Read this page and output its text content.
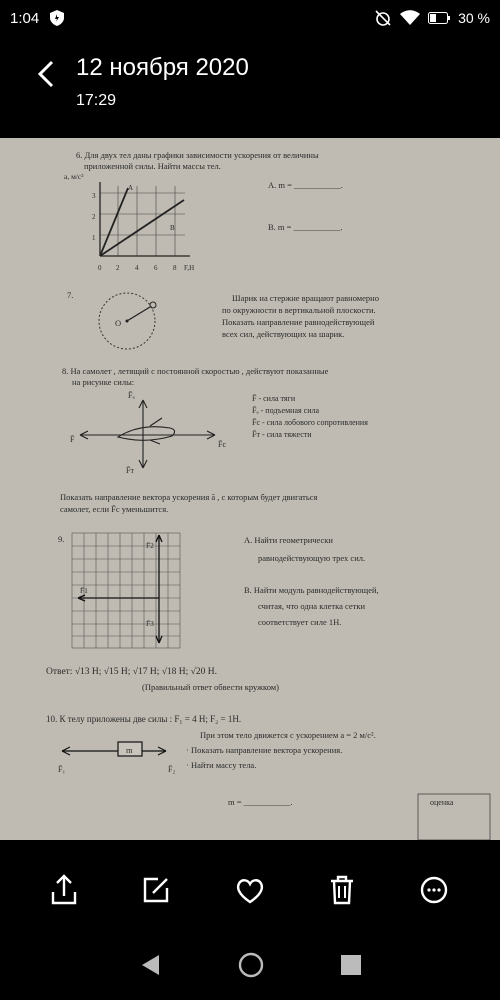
1:04	30 %
12 ноября 2020
17:29
6. Для двух тел даны графики зависимости ускорения от величины
приложенной силы. Найти массы тел.
a, м/с²
A
B
1
2
3
0 2 4 6 8 F,H
А. m = ___________.
В. m = ___________.
7.
O
Шарик на стержне вращают равномерно
по окружности в вертикальной плоскости.
Показать направление равнодействующей
всех сил, действующих на шарик.
8. На самолет , летящий с постоянной скоростью , действуют показанные
на рисунке силы:
F̄ₐ
F̄
F̄c
F̄т
F̄ - сила тяги
F̄ₐ - подъемная сила
F̄c - сила лобового сопротивления
F̄т - сила тяжести
Показать направление вектора ускорения ā , с которым будет двигаться
самолет, если F̄c уменьшится.
9.
F̄2
F̄1
F̄3
А. Найти геометрически
равнодействующую трех сил.
В. Найти модуль равнодействующей,
считая, что одна клетка сетки
соответствует силе 1Н.
Ответ: √13 Н; √15 Н; √17 Н; √18 Н; √20 Н.
(Правильный ответ обвести кружком)
10. К телу приложены две силы : F₁ = 4 Н; F₂ = 1Н.
При этом тело движется с ускорением a = 2 м/с².
· Показать направление вектора ускорения.
· Найти массу тела.
m
F̄₁	F̄₂
m = ___________.	оценка
